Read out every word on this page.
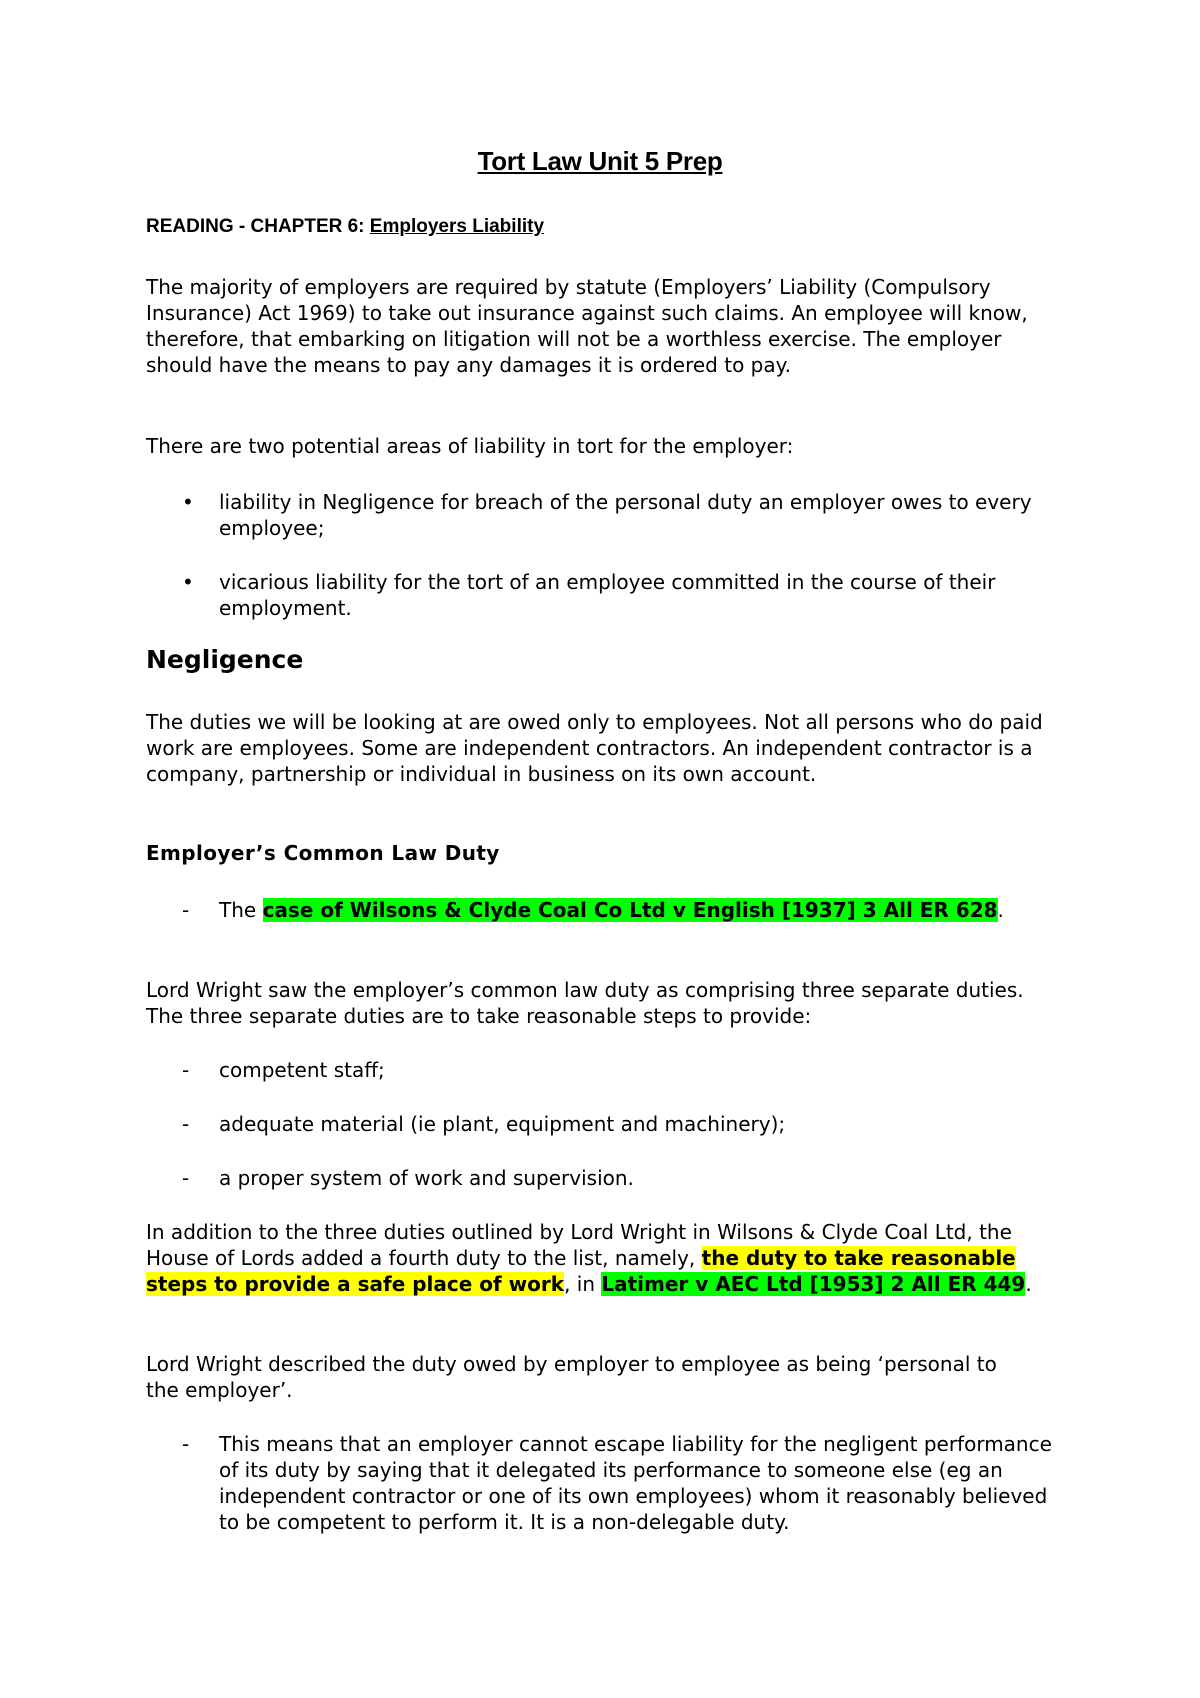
Tort Law Unit 5 Prep
READING - CHAPTER 6: Employers Liability
The majority of employers are required by statute (Employers’ Liability (Compulsory Insurance) Act 1969) to take out insurance against such claims. An employee will know, therefore, that embarking on litigation will not be a worthless exercise. The employer should have the means to pay any damages it is ordered to pay.
There are two potential areas of liability in tort for the employer:
• liability in Negligence for breach of the personal duty an employer owes to every employee;
• vicarious liability for the tort of an employee committed in the course of their employment.
Negligence
The duties we will be looking at are owed only to employees. Not all persons who do paid work are employees. Some are independent contractors. An independent contractor is a company, partnership or individual in business on its own account.
Employer’s Common Law Duty
- The case of Wilsons & Clyde Coal Co Ltd v English [1937] 3 All ER 628.
Lord Wright saw the employer’s common law duty as comprising three separate duties. The three separate duties are to take reasonable steps to provide:
- competent staff;
- adequate material (ie plant, equipment and machinery);
- a proper system of work and supervision.
In addition to the three duties outlined by Lord Wright in Wilsons & Clyde Coal Ltd, the House of Lords added a fourth duty to the list, namely, the duty to take reasonable steps to provide a safe place of work, in Latimer v AEC Ltd [1953] 2 All ER 449.
Lord Wright described the duty owed by employer to employee as being ‘personal to the employer’.
- This means that an employer cannot escape liability for the negligent performance of its duty by saying that it delegated its performance to someone else (eg an independent contractor or one of its own employees) whom it reasonably believed to be competent to perform it. It is a non-delegable duty.
